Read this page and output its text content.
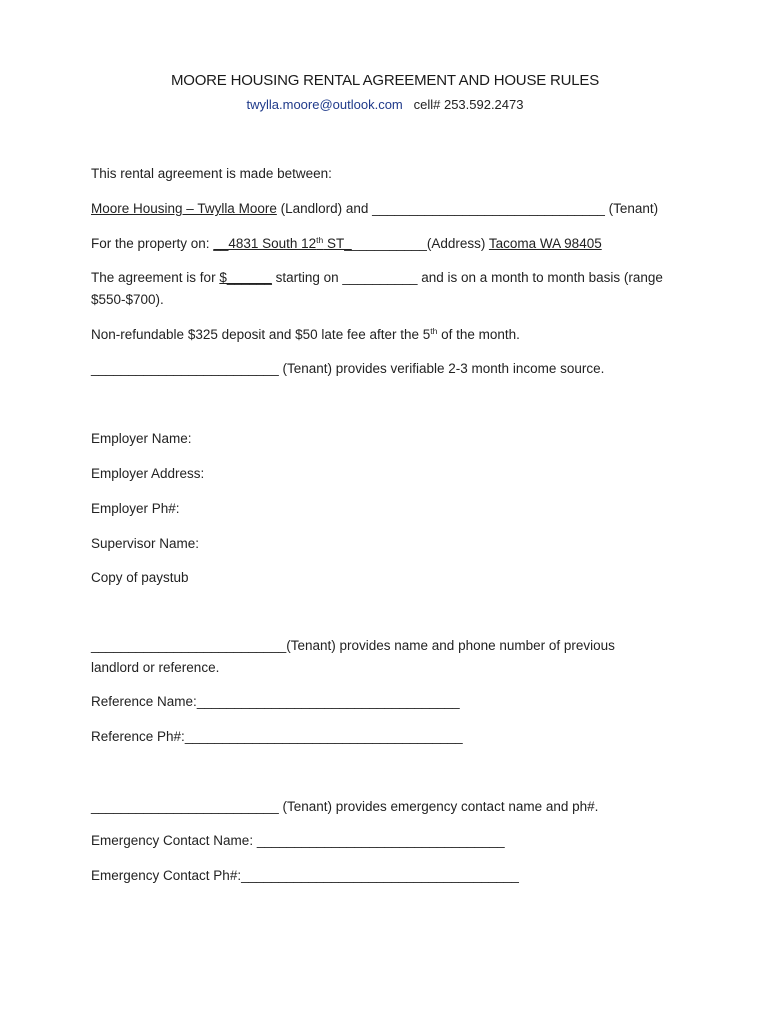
MOORE HOUSING RENTAL AGREEMENT AND HOUSE RULES
twylla.moore@outlook.com cell# 253.592.2473
This rental agreement is made between:
Moore Housing – Twylla Moore (Landlord) and _______________________________ (Tenant)
For the property on: __4831 South 12th ST___________(Address) Tacoma WA 98405
The agreement is for $______ starting on __________ and is on a month to month basis (range
$550-$700).
Non-refundable $325 deposit and $50 late fee after the 5th of the month.
_________________________ (Tenant) provides verifiable 2-3 month income source.
Employer Name:
Employer Address:
Employer Ph#:
Supervisor Name:
Copy of paystub
__________________________(Tenant) provides name and phone number of previous
landlord or reference.
Reference Name:___________________________________
Reference Ph#:_____________________________________
_________________________ (Tenant) provides emergency contact name and ph#.
Emergency Contact Name: _________________________________
Emergency Contact Ph#:_____________________________________
